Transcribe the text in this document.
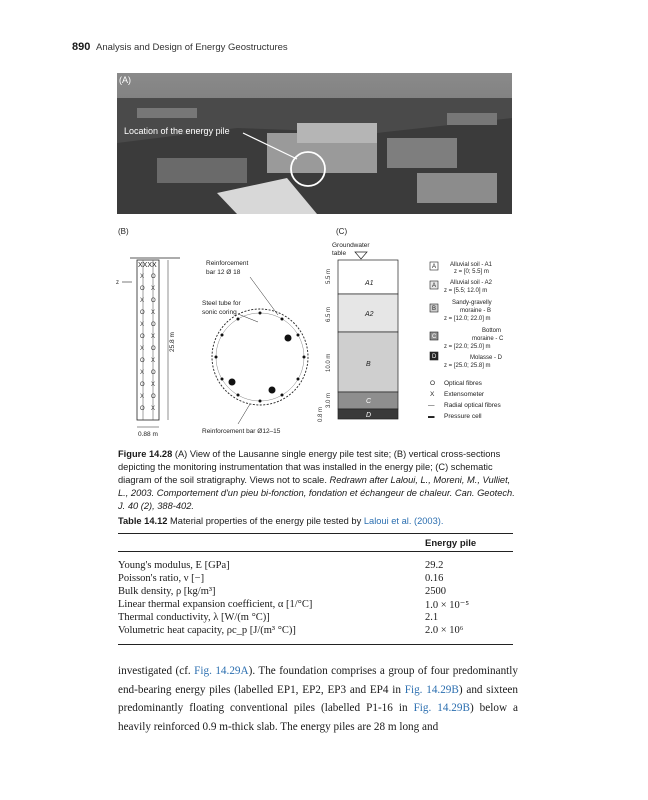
890 Analysis and Design of Energy Geostructures
(A)
Location of the energy pile
(B)	(C)
XXXX
X
O
X
O
X
O
X
O
X
O
X
O
O
X
O
X
O
X
O
X
O
X
O
X
z
25.8 m
0.88 m
Reinforcement
bar 12 Ø 18
Steel tube for
sonic coring
Reinforcement bar Ø12–15
Groundwater
table
A1
A2
B
C
D
5.5 m
6.5 m
10.0 m
3.0 m
0.8 m
A Alluvial soil - A1
z = [0; 5.5] m
A Alluvial soil - A2
z = [5.5; 12.0] m
B
Sandy-gravelly
moraine - B
z = [12.0; 22.0] m
C
Bottom
moraine - C
z = [22.0; 25.0] m
D	Molasse - D
z = [25.0; 25.8] m
O Optical fibres
X Extensometer
— Radial optical fibres
▬ Pressure cell
Figure 14.28 (A) View of the Lausanne single energy pile test site; (B) vertical cross-sections depicting the monitoring instrumentation that was installed in the energy pile; (C) schematic diagram of the soil stratigraphy. Views not to scale. Redrawn after Laloui, L., Moreni, M., Vulliet, L., 2003. Comportement d'un pieu bi-fonction, fondation et échangeur de chaleur. Can. Geotech. J. 40 (2), 388-402.
Table 14.12 Material properties of the energy pile tested by Laloui et al. (2003).
Energy pile
Young's modulus, E [GPa]	29.2
Poisson's ratio, ν [−]	0.16
Bulk density, ρ [kg/m³]	2500
Linear thermal expansion coefficient, α [1/°C]	1.0 × 10⁻⁵
Thermal conductivity, λ [W/(m °C)]	2.1
Volumetric heat capacity, ρc_p [J/(m³ °C)]	2.0 × 10⁶
investigated (cf. Fig. 14.29A). The foundation comprises a group of four predominantly end-bearing energy piles (labelled EP1, EP2, EP3 and EP4 in Fig. 14.29B) and sixteen predominantly floating conventional piles (labelled P1-16 in Fig. 14.29B) below a heavily reinforced 0.9 m-thick slab. The energy piles are 28 m long and
